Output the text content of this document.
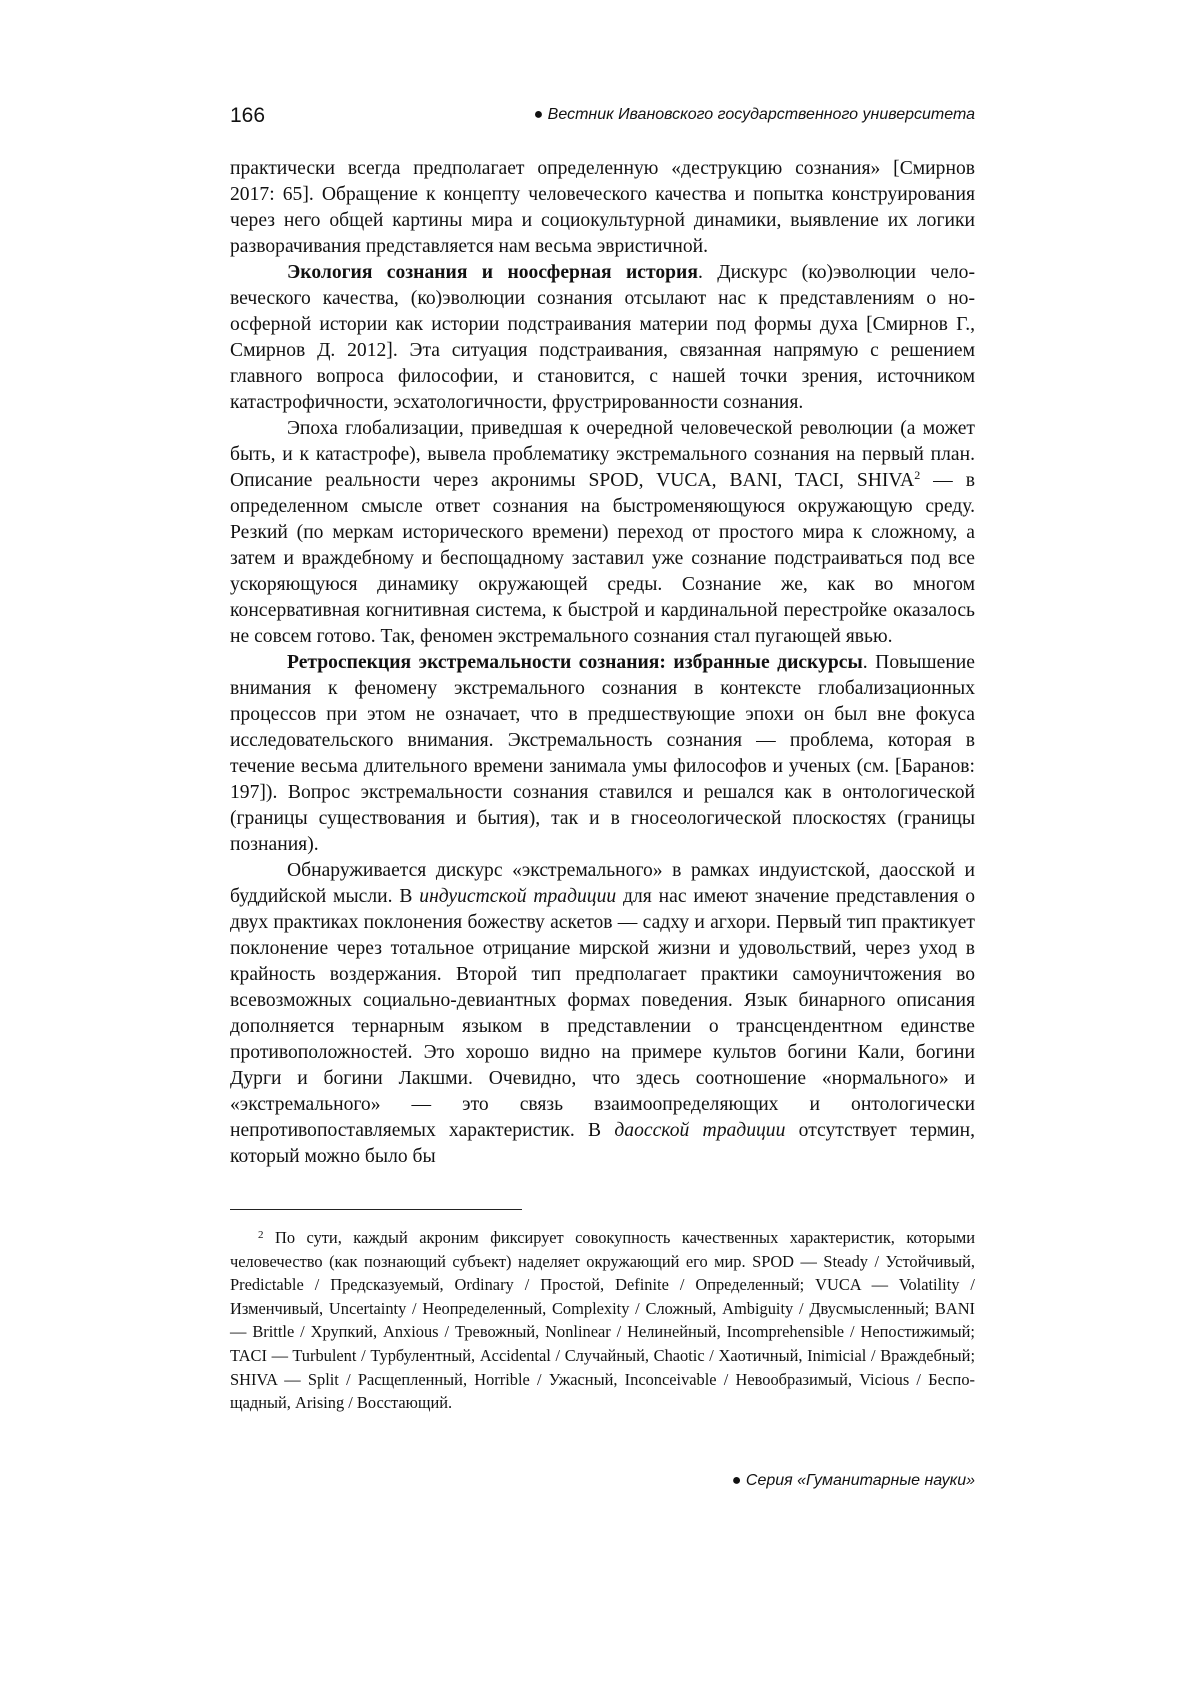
166	● Вестник Ивановского государственного университета

практически всегда предполагает определенную «деструкцию сознания» [Смирнов 2017: 65]. Обращение к концепту человеческого качества и попытка конструирования через него общей картины мира и социокультурной динамики, выявление их логики разворачивания представляется нам весьма эвристичной.

Экология сознания и ноосферная история. Дискурс (ко)эволюции человеческого качества, (ко)эволюции сознания отсылают нас к представлениям о ноосферной истории как истории подстраивания материи под формы духа [Смирнов Г., Смирнов Д. 2012]. Эта ситуация подстраивания, связанная напрямую с решением главного вопроса философии, и становится, с нашей точки зрения, источником катастрофичности, эсхатологичности, фрустрированности сознания.

Эпоха глобализации, приведшая к очередной человеческой революции (а может быть, и к катастрофе), вывела проблематику экстремального сознания на первый план. Описание реальности через акронимы SPOD, VUCA, BANI, TACI, SHIVA$^2$ — в определенном смысле ответ сознания на быстроменяющуюся окружающую среду. Резкий (по меркам исторического времени) переход от простого мира к сложному, а затем и враждебному и беспощадному заставил уже сознание подстраиваться под все ускоряющуюся динамику окружающей среды. Сознание же, как во многом консервативная когнитивная система, к быстрой и кардинальной перестройке оказалось не совсем готово. Так, феномен экстремального сознания стал пугающей явью.

Ретроспекция экстремальности сознания: избранные дискурсы. Повышение внимания к феномену экстремального сознания в контексте глобализационных процессов при этом не означает, что в предшествующие эпохи он был вне фокуса исследовательского внимания. Экстремальность сознания — проблема, которая в течение весьма длительного времени занимала умы философов и ученых (см. [Баранов: 197]). Вопрос экстремальности сознания ставился и решался как в онтологической (границы существования и бытия), так и в гносеологической плоскостях (границы познания).

Обнаруживается дискурс «экстремального» в рамках индуистской, даосской и буддийской мысли. В индуистской традиции для нас имеют значение представления о двух практиках поклонения божеству аскетов — садху и агхори. Первый тип практикует поклонение через тотальное отрицание мирской жизни и удовольствий, через уход в крайность воздержания. Второй тип предполагает практики самоуничтожения во всевозможных социально-девиантных формах поведения. Язык бинарного описания дополняется тернарным языком в представлении о трансцендентном единстве противоположностей. Это хорошо видно на примере культов богини Кали, богини Дурги и богини Лакшми. Очевидно, что здесь соотношение «нормального» и «экстремального» — это связь взаимоопределяющих и онтологически непротивопоставляемых характеристик. В даосской традиции отсутствует термин, который можно было бы

$^2$ По сути, каждый акроним фиксирует совокупность качественных характеристик, которыми человечество (как познающий субъект) наделяет окружающий его мир. SPOD — Steady / Устойчивый, Predictable / Предсказуемый, Ordinary / Простой, Definite / Определенный; VUCA — Volatility / Изменчивый, Uncertainty / Неопределенный, Complexity / Сложный, Ambiguity / Двусмысленный; BANI — Brittle / Хрупкий, Anxious / Тревожный, Nonlinear / Нелинейный, Incomprehensible / Непостижимый; TACI — Turbulent / Турбулентный, Accidental / Случайный, Chaotic / Хаотичный, Inimicial / Враждебный; SHIVA — Split / Расщепленный, Horrible / Ужасный, Inconceivable / Невообразимый, Vicious / Беспощадный, Arising / Восстающий.

● Серия «Гуманитарные науки»
